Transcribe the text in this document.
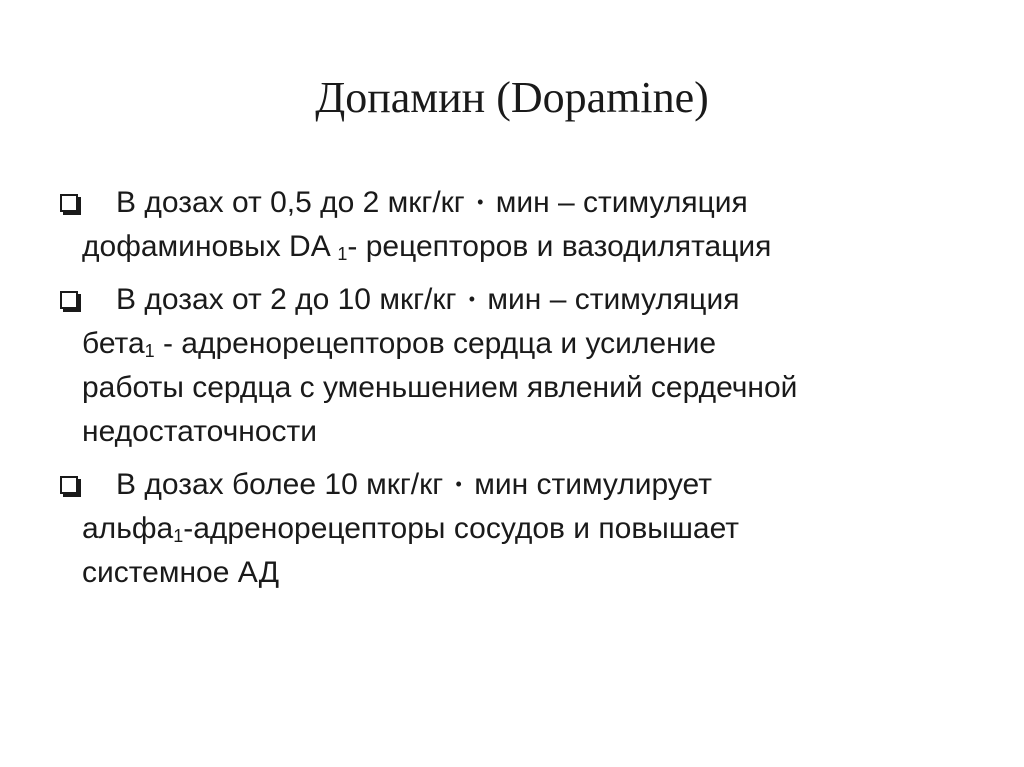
Допамин (Dopamine)
В дозах от 0,5 до 2 мкг/кг • мин – стимуляция
дофаминовых DA $_1$- рецепторов и вазодилятация
В дозах от 2 до 10 мкг/кг • мин – стимуляция
бета$_1$ - адренорецепторов сердца и усиление
работы сердца с уменьшением явлений сердечной
недостаточности
В дозах более 10 мкг/кг • мин стимулирует
альфа$_1$-адренорецепторы сосудов и повышает
системное АД
